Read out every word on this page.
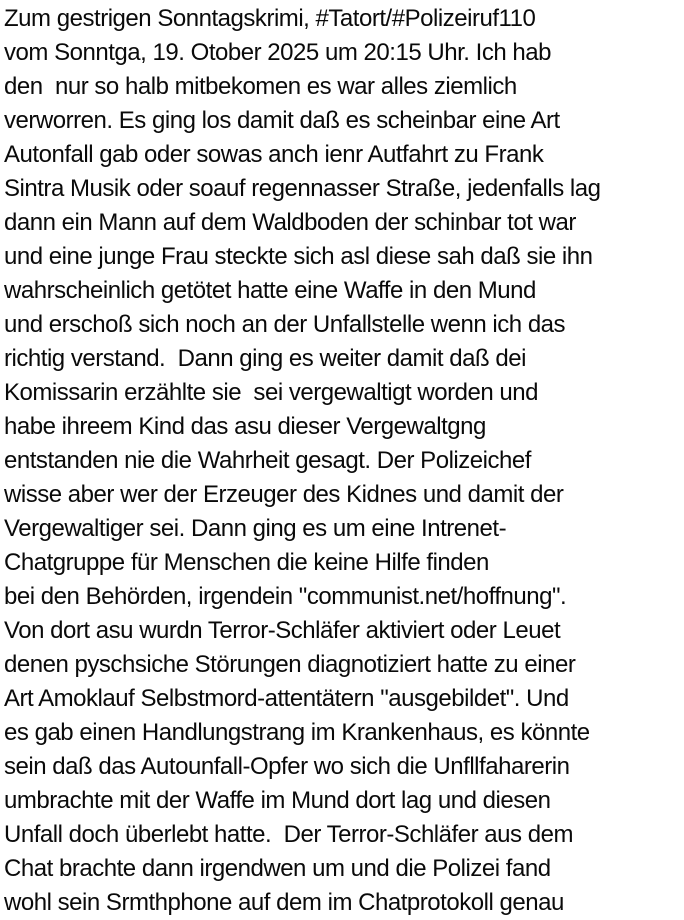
Zum gestrigen Sonntagskrimi, #Tatort/#Polizeiruf110
vom Sonntga, 19. Otober 2025 um 20:15 Uhr. Ich hab
den  nur so halb mitbekomen es war alles ziemlich
verworren. Es ging los damit daß es scheinbar eine Art
Autonfall gab oder sowas anch ienr Autfahrt zu Frank
Sintra Musik oder soauf regennasser Straße, jedenfalls lag
dann ein Mann auf dem Waldboden der schinbar tot war
und eine junge Frau steckte sich asl diese sah daß sie ihn
wahrscheinlich getötet hatte eine Waffe in den Mund
und erschoß sich noch an der Unfallstelle wenn ich das
richtig verstand.  Dann ging es weiter damit daß dei
Komissarin erzählte sie  sei vergewaltigt worden und
habe ihreem Kind das asu dieser Vergewaltgng
entstanden nie die Wahrheit gesagt. Der Polizeichef
wisse aber wer der Erzeuger des Kidnes und damit der
Vergewaltiger sei. Dann ging es um eine Intrenet-
Chatgruppe für Menschen die keine Hilfe finden
bei den Behörden, irgendein "communist.net/hoffnung".
Von dort asu wurdn Terror-Schläfer aktiviert oder Leuet
denen pyschsiche Störungen diagnotiziert hatte zu einer
Art Amoklauf Selbstmord-attentätern "ausgebildet". Und
es gab einen Handlungstrang im Krankenhaus, es könnte
sein daß das Autounfall-Opfer wo sich die Unfllfaharerin
umbrachte mit der Waffe im Mund dort lag und diesen
Unfall doch überlebt hatte.  Der Terror-Schläfer aus dem
Chat brachte dann irgendwen um und die Polizei fand
wohl sein Srmthphone auf dem im Chatprotokoll genau
